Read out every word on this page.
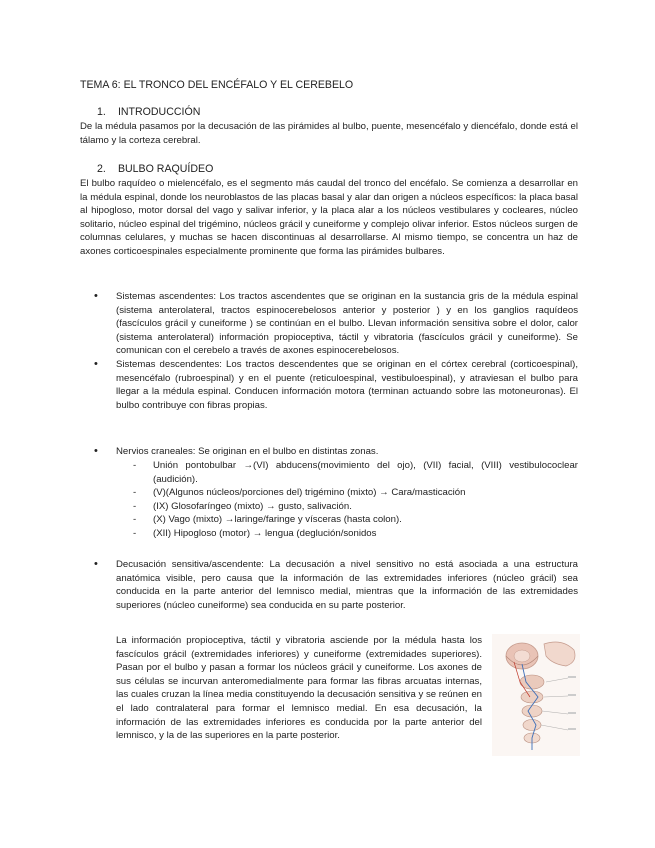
TEMA 6: EL TRONCO DEL ENCÉFALO Y EL CEREBELO
1. INTRODUCCIÓN
De la médula pasamos por la decusación de las pirámides al bulbo, puente, mesencéfalo y diencéfalo, donde está el tálamo y la corteza cerebral.
2. BULBO RAQUÍDEO
El bulbo raquídeo o mielencéfalo, es el segmento más caudal del tronco del encéfalo. Se comienza a desarrollar en la médula espinal, donde los neuroblastos de las placas basal y alar dan origen a núcleos específicos: la placa basal al hipogloso, motor dorsal del vago y salivar inferior, y la placa alar a los núcleos vestibulares y cocleares, núcleo solitario, núcleo espinal del trigémino, núcleos grácil y cuneiforme y complejo olivar inferior. Estos núcleos surgen de columnas celulares, y muchas se hacen discontinuas al desarrollarse. Al mismo tiempo, se concentra un haz de axones corticoespinales especialmente prominente que forma las pirámides bulbares.
• Sistemas ascendentes: Los tractos ascendentes que se originan en la sustancia gris de la médula espinal (sistema anterolateral, tractos espinocerebelosos anterior y posterior ) y en los ganglios raquídeos (fascículos grácil y cuneiforme ) se continúan en el bulbo. Llevan información sensitiva sobre el dolor, calor (sistema anterolateral) información propioceptiva, táctil y vibratoria (fascículos grácil y cuneiforme). Se comunican con el cerebelo a través de axones espinocerebelosos.
• Sistemas descendentes: Los tractos descendentes que se originan en el córtex cerebral (corticoespinal), mesencéfalo (rubroespinal) y en el puente (reticuloespinal, vestibuloespinal), y atraviesan el bulbo para llegar a la médula espinal. Conducen información motora (terminan actuando sobre las motoneuronas). El bulbo contribuye con fibras propias.
• Nervios craneales: Se originan en el bulbo en distintas zonas.
- Unión pontobulbar →(VI) abducens(movimiento del ojo), (VII) facial, (VIII) vestibulococlear (audición).
- (V)(Algunos núcleos/porciones del) trigémino (mixto) → Cara/masticación
- (IX) Glosofaríngeo (mixto) → gusto, salivación.
- (X) Vago (mixto) →laringe/faringe y vísceras (hasta colon).
- (XII) Hipogloso (motor) → lengua (deglución/sonidos
• Decusación sensitiva/ascendente: La decusación a nivel sensitivo no está asociada a una estructura anatómica visible, pero causa que la información de las extremidades inferiores (núcleo grácil) sea conducida en la parte anterior del lemnisco medial, mientras que la información de las extremidades superiores (núcleo cuneiforme) sea conducida en su parte posterior.
La información propioceptiva, táctil y vibratoria asciende por la médula hasta los fascículos grácil (extremidades inferiores) y cuneiforme (extremidades superiores). Pasan por el bulbo y pasan a formar los núcleos grácil y cuneiforme. Los axones de sus células se incurvan anteromedialmente para formar las fibras arcuatas internas, las cuales cruzan la línea media constituyendo la decusación sensitiva y se reúnen en el lado contralateral para formar el lemnisco medial. En esa decusación, la información de las extremidades inferiores es conducida por la parte anterior del lemnisco, y la de las superiores en la parte posterior.
